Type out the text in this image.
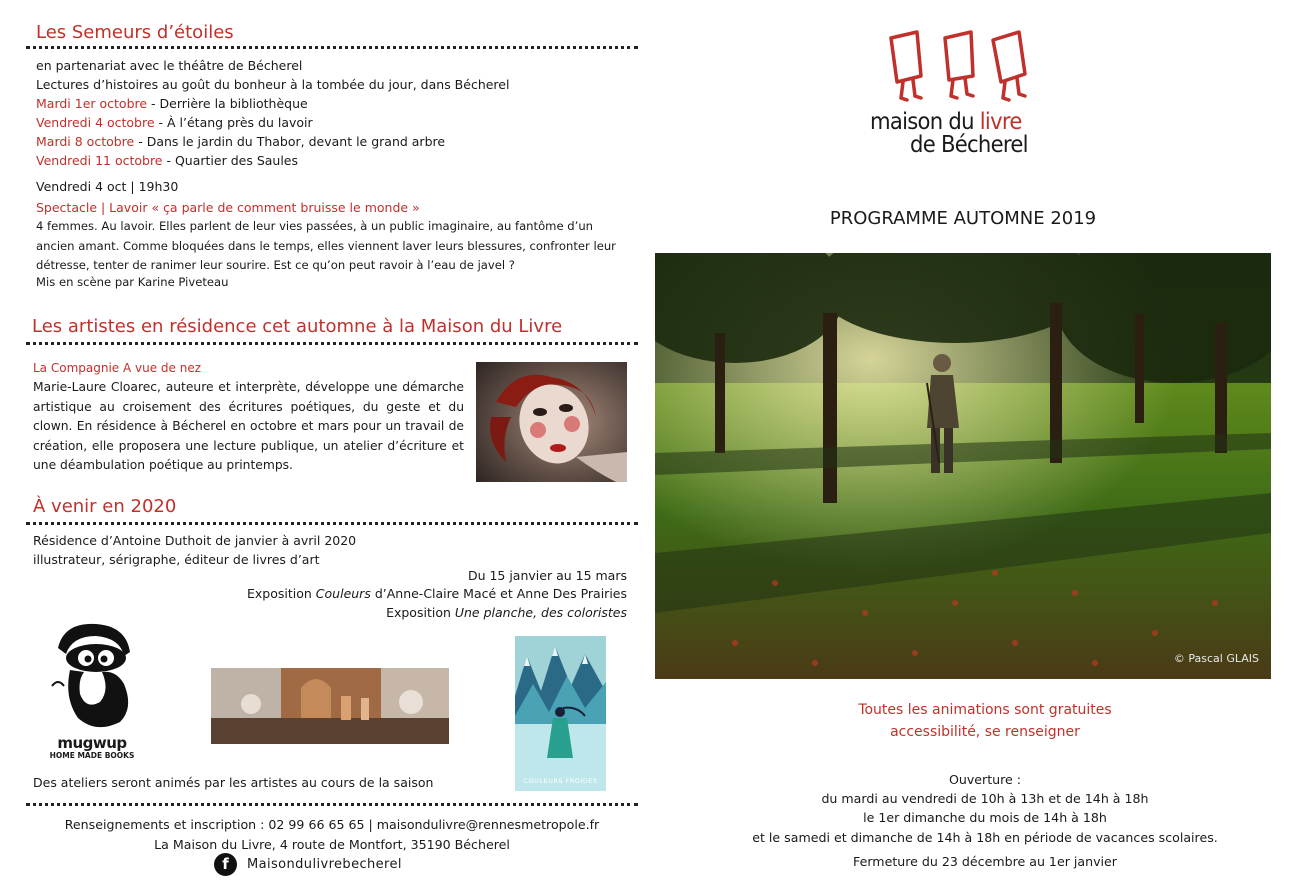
Les Semeurs d’étoiles
en partenariat avec le théâtre de Bécherel
Lectures d’histoires au goût du bonheur à la tombée du jour, dans Bécherel
Mardi 1er octobre - Derrière la bibliothèque
Vendredi 4 octobre - À l’étang près du lavoir
Mardi 8 octobre - Dans le jardin du Thabor, devant le grand arbre
Vendredi 11 octobre - Quartier des Saules
Vendredi 4 oct | 19h30
Spectacle | Lavoir « ça parle de comment bruisse le monde »
4 femmes. Au lavoir. Elles parlent de leur vies passées, à un public imaginaire, au fantôme d’un ancien amant. Comme bloquées dans le temps, elles viennent laver leurs blessures, confronter leur détresse, tenter de ranimer leur sourire. Est ce qu’on peut ravoir à l’eau de javel ?
Mis en scène par Karine Piveteau
Les artistes en résidence cet automne à la Maison du Livre
La Compagnie A vue de nez
Marie-Laure Cloarec, auteure et interprète, développe une démarche artistique au croisement des écritures poétiques, du geste et du clown. En résidence à Bécherel en octobre et mars pour un travail de création, elle proposera une lecture publique, un atelier d’écriture et une déambulation poétique au printemps.
À venir en 2020
Résidence d’Antoine Duthoit de janvier à avril 2020
illustrateur, sérigraphe, éditeur de livres d’art
Du 15 janvier au 15 mars
Exposition Couleurs d’Anne-Claire Macé et Anne Des Prairies
Exposition Une planche, des coloristes
mugwup
HOME MADE BOOKS
COULEURS FROIDES
Des ateliers seront animés par les artistes au cours de la saison
Renseignements et inscription : 02 99 66 65 65 | maisondulivre@rennesmetropole.fr
La Maison du Livre, 4 route de Montfort, 35190 Bécherel
f	Maisondulivrebecherel
maison du livre
de Bécherel
PROGRAMME AUTOMNE 2019
© Pascal GLAIS
Toutes les animations sont gratuites
accessibilité, se renseigner
Ouverture :
du mardi au vendredi de 10h à 13h et de 14h à 18h
le 1er dimanche du mois de 14h à 18h
et le samedi et dimanche de 14h à 18h en période de vacances scolaires.
Fermeture du 23 décembre au 1er janvier
